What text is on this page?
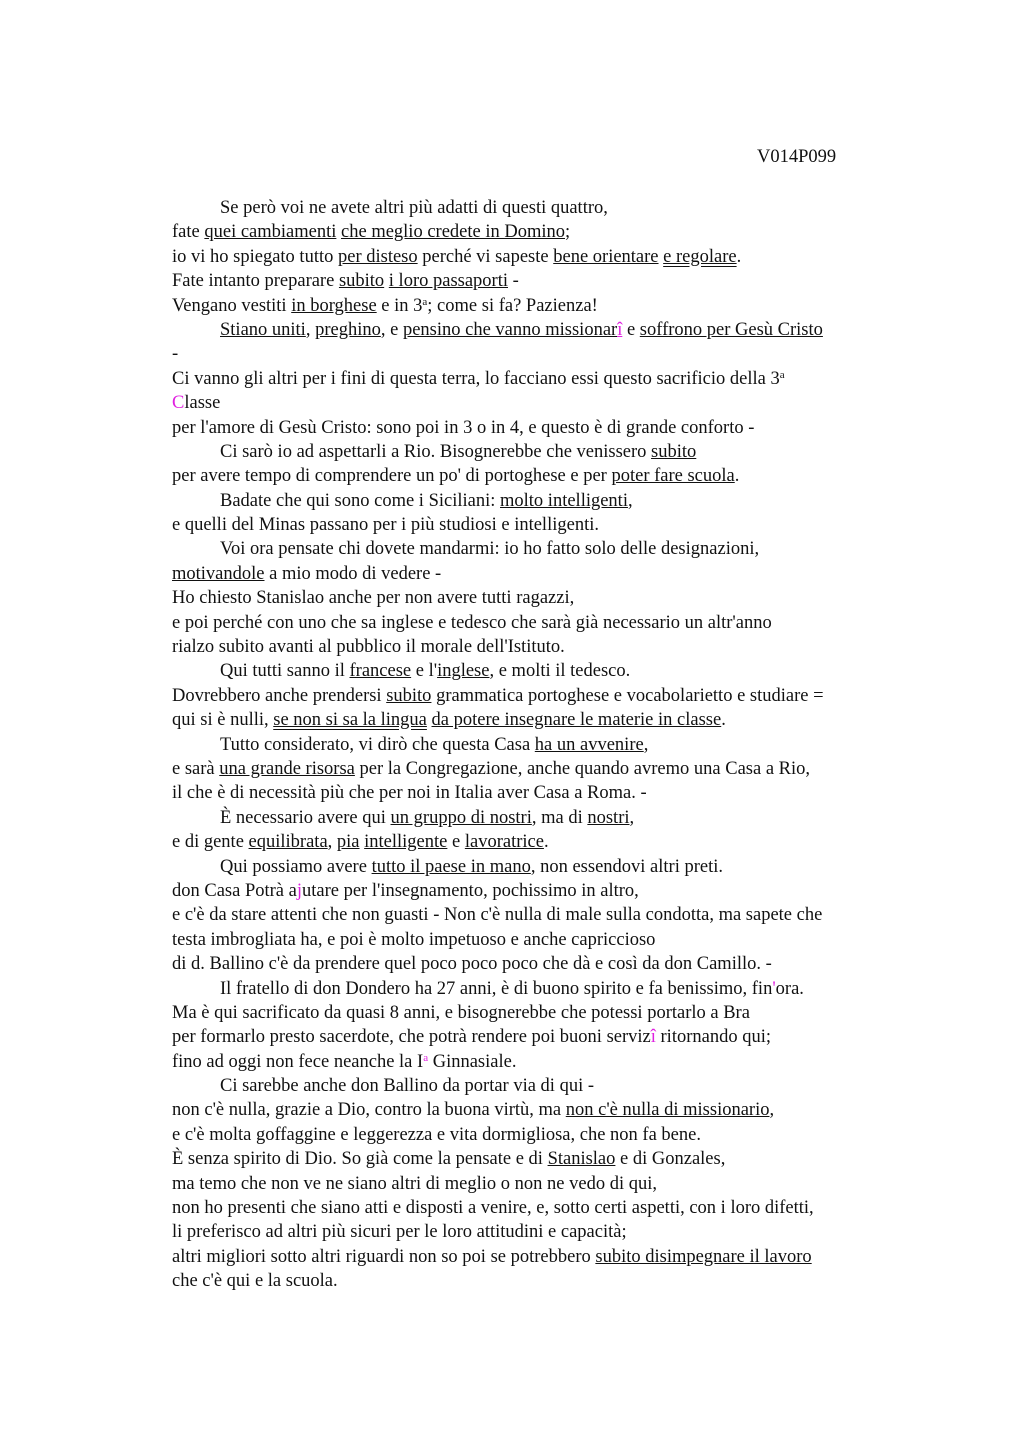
V014P099
Se però voi ne avete altri più adatti di questi quattro,
fate quei cambiamenti che meglio credete in Domino;
io vi ho spiegato tutto per disteso perché vi sapeste bene orientare e regolare.
Fate intanto preparare subito i loro passaporti -
Vengano vestiti in borghese e in 3$^a$; come si fa? Pazienza!
Stiano uniti, preghino, e pensino che vanno missionarî e soffrono per Gesù Cristo
-
Ci vanno gli altri per i fini di questa terra, lo facciano essi questo sacrificio della 3$^a$
Classe
per l'amore di Gesù Cristo: sono poi in 3 o in 4, e questo è di grande conforto -
Ci sarò io ad aspettarli a Rio. Bisognerebbe che venissero subito
per avere tempo di comprendere un po' di portoghese e per poter fare scuola.
Badate che qui sono come i Siciliani: molto intelligenti,
e quelli del Minas passano per i più studiosi e intelligenti.
Voi ora pensate chi dovete mandarmi: io ho fatto solo delle designazioni,
motivandole a mio modo di vedere -
Ho chiesto Stanislao anche per non avere tutti ragazzi,
e poi perché con uno che sa inglese e tedesco che sarà già necessario un altr'anno
rialzo subito avanti al pubblico il morale dell'Istituto.
Qui tutti sanno il francese e l'inglese, e molti il tedesco.
Dovrebbero anche prendersi subito grammatica portoghese e vocabolarietto e studiare =
qui si è nulli, se non si sa la lingua da potere insegnare le materie in classe.
Tutto considerato, vi dirò che questa Casa ha un avvenire,
e sarà una grande risorsa per la Congregazione, anche quando avremo una Casa a Rio,
il che è di necessità più che per noi in Italia aver Casa a Roma. -
È necessario avere qui un gruppo di nostri, ma di nostri,
e di gente equilibrata, pia intelligente e lavoratrice.
Qui possiamo avere tutto il paese in mano, non essendovi altri preti.
don Casa Potrà ajutare per l'insegnamento, pochissimo in altro,
e c'è da stare attenti che non guasti - Non c'è nulla di male sulla condotta, ma sapete che
testa imbrogliata ha, e poi è molto impetuoso e anche capriccioso
di d. Ballino c'è da prendere quel poco poco poco che dà e così da don Camillo. -
Il fratello di don Dondero ha 27 anni, è di buono spirito e fa benissimo, fin'ora.
Ma è qui sacrificato da quasi 8 anni, e bisognerebbe che potessi portarlo a Bra
per formarlo presto sacerdote, che potrà rendere poi buoni servizî ritornando qui;
fino ad oggi non fece neanche la $I^a$ Ginnasiale.
Ci sarebbe anche don Ballino da portar via di qui -
non c'è nulla, grazie a Dio, contro la buona virtù, ma non c'è nulla di missionario,
e c'è molta goffaggine e leggerezza e vita dormigliosa, che non fa bene.
È senza spirito di Dio. So già come la pensate e di Stanislao e di Gonzales,
ma temo che non ve ne siano altri di meglio o non ne vedo di qui,
non ho presenti che siano atti e disposti a venire, e, sotto certi aspetti, con i loro difetti,
li preferisco ad altri più sicuri per le loro attitudini e capacità;
altri migliori sotto altri riguardi non so poi se potrebbero subito disimpegnare il lavoro
che c'è qui e la scuola.
